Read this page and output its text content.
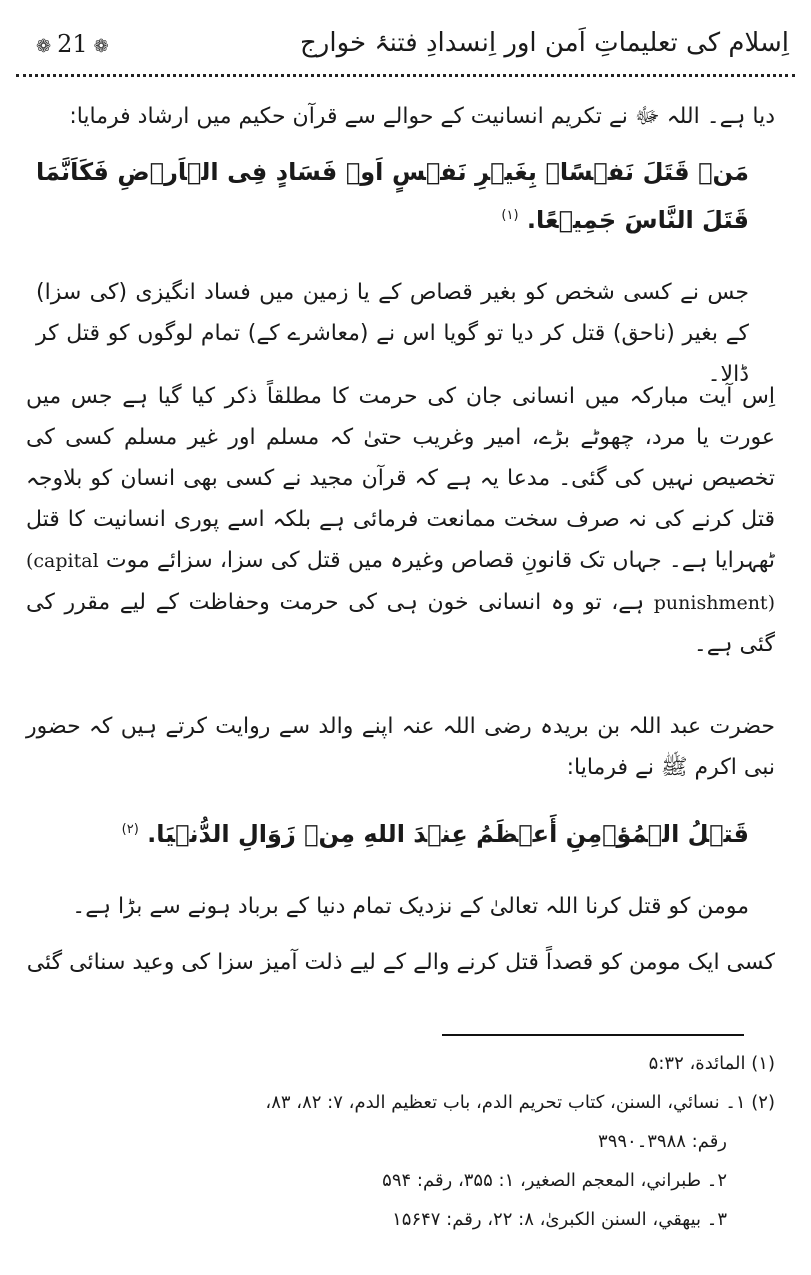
اِسلام کی تعلیماتِ اَمن اور اِنسدادِ فتنۂ خوارج
❁ 21 ❁
دیا ہے۔ اللہ ﷻ نے تکریم انسانیت کے حوالے سے قرآن حکیم میں ارشاد فرمایا:
مَنۡ قَتَلَ نَفۡسًاۢ بِغَیۡرِ نَفۡسٍ اَوۡ فَسَادٍ فِی الۡاَرۡضِ فَکَاَنَّمَا قَتَلَ النَّاسَ جَمِیۡعًا. $^{(۱)}$
جس نے کسی شخص کو بغیر قصاص کے یا زمین میں فساد انگیزی (کی سزا) کے بغیر (ناحق) قتل کر دیا تو گویا اس نے (معاشرے کے) تمام لوگوں کو قتل کر ڈالا۔
اِس آیت مبارکہ میں انسانی جان کی حرمت کا مطلقاً ذکر کیا گیا ہے جس میں عورت یا مرد، چھوٹے بڑے، امیر وغریب حتیٰ کہ مسلم اور غیر مسلم کسی کی تخصیص نہیں کی گئی۔ مدعا یہ ہے کہ قرآن مجید نے کسی بھی انسان کو بلاوجہ قتل کرنے کی نہ صرف سخت ممانعت فرمائی ہے بلکہ اسے پوری انسانیت کا قتل ٹھہرایا ہے۔ جہاں تک قانونِ قصاص وغیرہ میں قتل کی سزا، سزائے موت (capital punishment) ہے، تو وہ انسانی خون ہی کی حرمت وحفاظت کے لیے مقرر کی گئی ہے۔
حضرت عبد اللہ بن بریدہ رضی اللہ عنہ اپنے والد سے روایت کرتے ہیں کہ حضور نبی اکرم ﷺ نے فرمایا:
قَتۡلُ الۡمُؤۡمِنِ أَعۡظَمُ عِنۡدَ اللهِ مِنۡ زَوَالِ الدُّنۡیَا. $^{(۲)}$
مومن کو قتل کرنا اللہ تعالیٰ کے نزدیک تمام دنیا کے برباد ہونے سے بڑا ہے۔
کسی ایک مومن کو قصداً قتل کرنے والے کے لیے ذلت آمیز سزا کی وعید سنائی گئی
(۱) المائدة، ۵:۳۲
(۲) ۱۔ نسائي، السنن، کتاب تحريم الدم، باب تعظيم الدم، ۷: ۸۲، ۸۳،
رقم: ۳۹۸۸۔۳۹۹۰
۲۔ طبراني، المعجم الصغير، ۱: ۳۵۵، رقم: ۵۹۴
۳۔ بيهقي، السنن الکبریٰ، ۸: ۲۲، رقم: ۱۵۶۴۷
